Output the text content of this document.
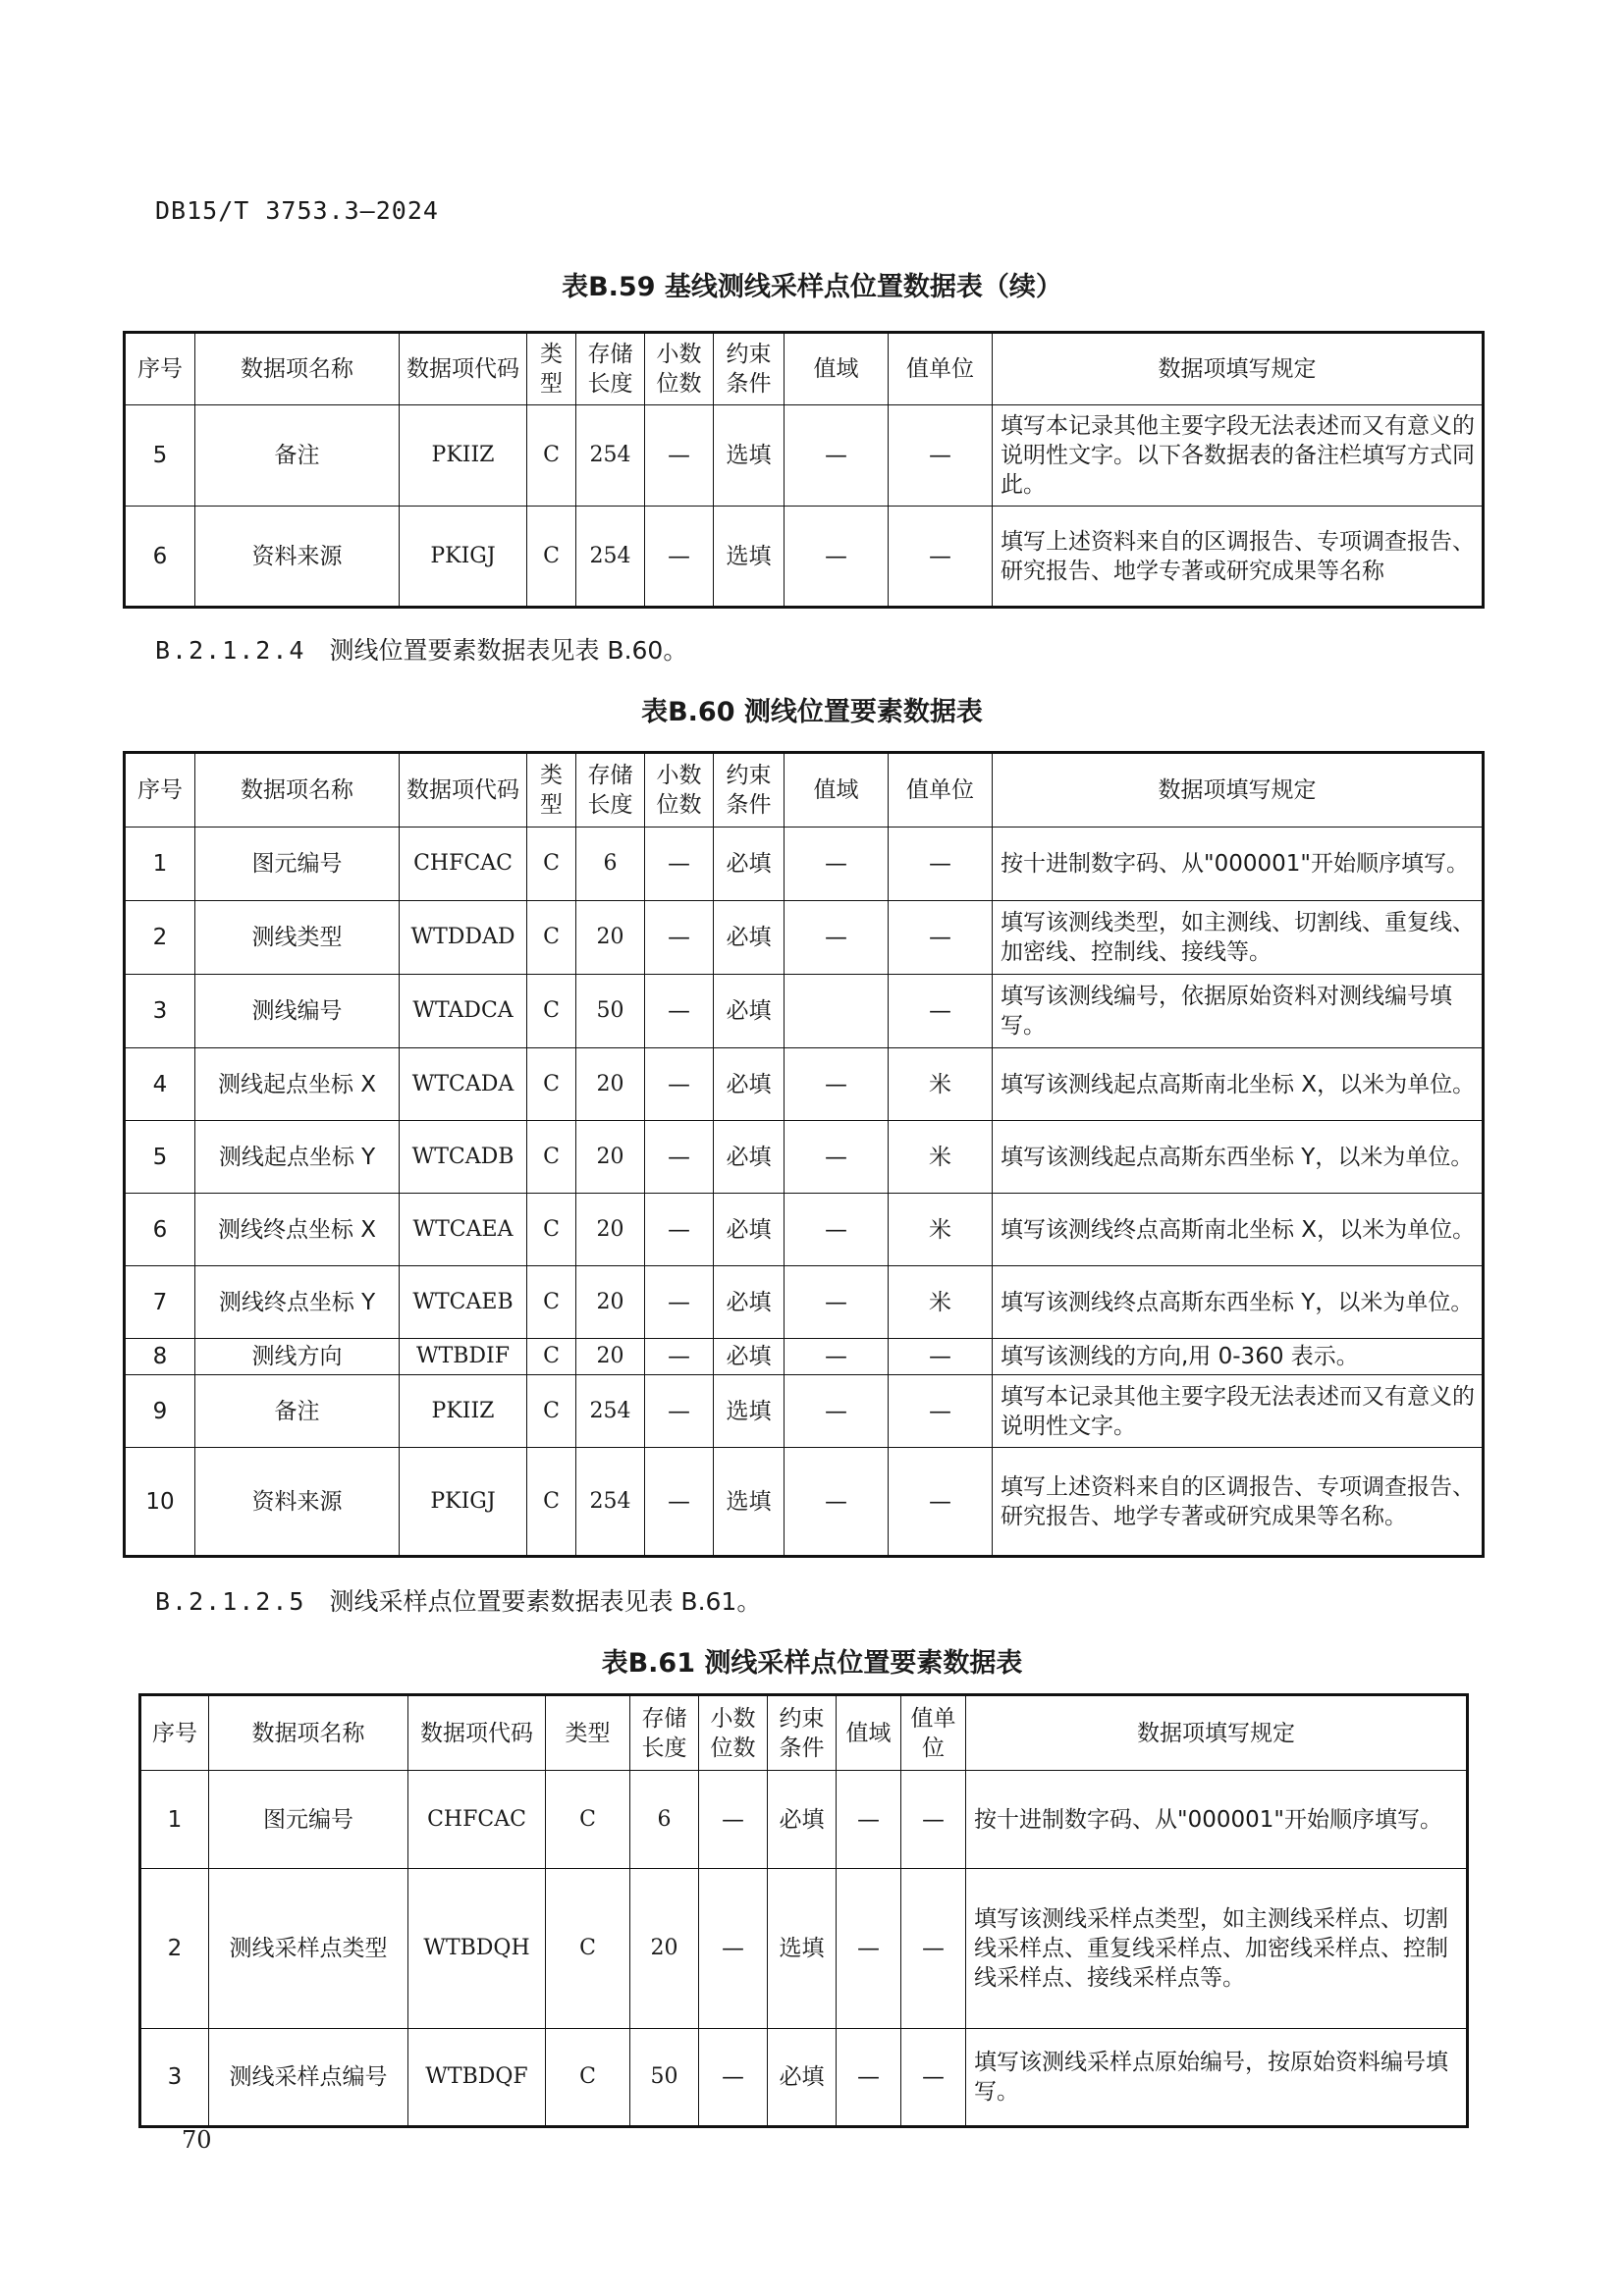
DB15/T 3753.3—2024
表B.59 基线测线采样点位置数据表（续）
序号	数据项名称	数据项代码	类型	存储长度	小数位数	约束条件	值域	值单位	数据项填写规定
5	备注	PKIIZ	C	254	—	选填	—	—	填写本记录其他主要字段无法表述而又有意义的说明性文字。以下各数据表的备注栏填写方式同此。
6	资料来源	PKIGJ	C	254	—	选填	—	—	填写上述资料来自的区调报告、专项调查报告、研究报告、地学专著或研究成果等名称
B.2.1.2.4 测线位置要素数据表见表 B.60。
表B.60 测线位置要素数据表
序号	数据项名称	数据项代码	类型	存储长度	小数位数	约束条件	值域	值单位	数据项填写规定
1	图元编号	CHFCAC	C	6	—	必填	—	—	按十进制数字码、从"000001"开始顺序填写。
2	测线类型	WTDDAD	C	20	—	必填	—	—	填写该测线类型，如主测线、切割线、重复线、加密线、控制线、接线等。
3	测线编号	WTADCA	C	50	—	必填		—	填写该测线编号，依据原始资料对测线编号填写。
4	测线起点坐标 X	WTCADA	C	20	—	必填	—	米	填写该测线起点高斯南北坐标 X，以米为单位。
5	测线起点坐标 Y	WTCADB	C	20	—	必填	—	米	填写该测线起点高斯东西坐标 Y，以米为单位。
6	测线终点坐标 X	WTCAEA	C	20	—	必填	—	米	填写该测线终点高斯南北坐标 X，以米为单位。
7	测线终点坐标 Y	WTCAEB	C	20	—	必填	—	米	填写该测线终点高斯东西坐标 Y，以米为单位。
8	测线方向	WTBDIF	C	20	—	必填	—	—	填写该测线的方向,用 0-360 表示。
9	备注	PKIIZ	C	254	—	选填	—	—	填写本记录其他主要字段无法表述而又有意义的说明性文字。
10	资料来源	PKIGJ	C	254	—	选填	—	—	填写上述资料来自的区调报告、专项调查报告、研究报告、地学专著或研究成果等名称。
B.2.1.2.5 测线采样点位置要素数据表见表 B.61。
表B.61 测线采样点位置要素数据表
序号	数据项名称	数据项代码	类型	存储长度	小数位数	约束条件	值域	值单位	数据项填写规定
1	图元编号	CHFCAC	C	6	—	必填	—	—	按十进制数字码、从"000001"开始顺序填写。
2	测线采样点类型	WTBDQH	C	20	—	选填	—	—	填写该测线采样点类型，如主测线采样点、切割线采样点、重复线采样点、加密线采样点、控制线采样点、接线采样点等。
3	测线采样点编号	WTBDQF	C	50	—	必填	—	—	填写该测线采样点原始编号，按原始资料编号填写。
70
